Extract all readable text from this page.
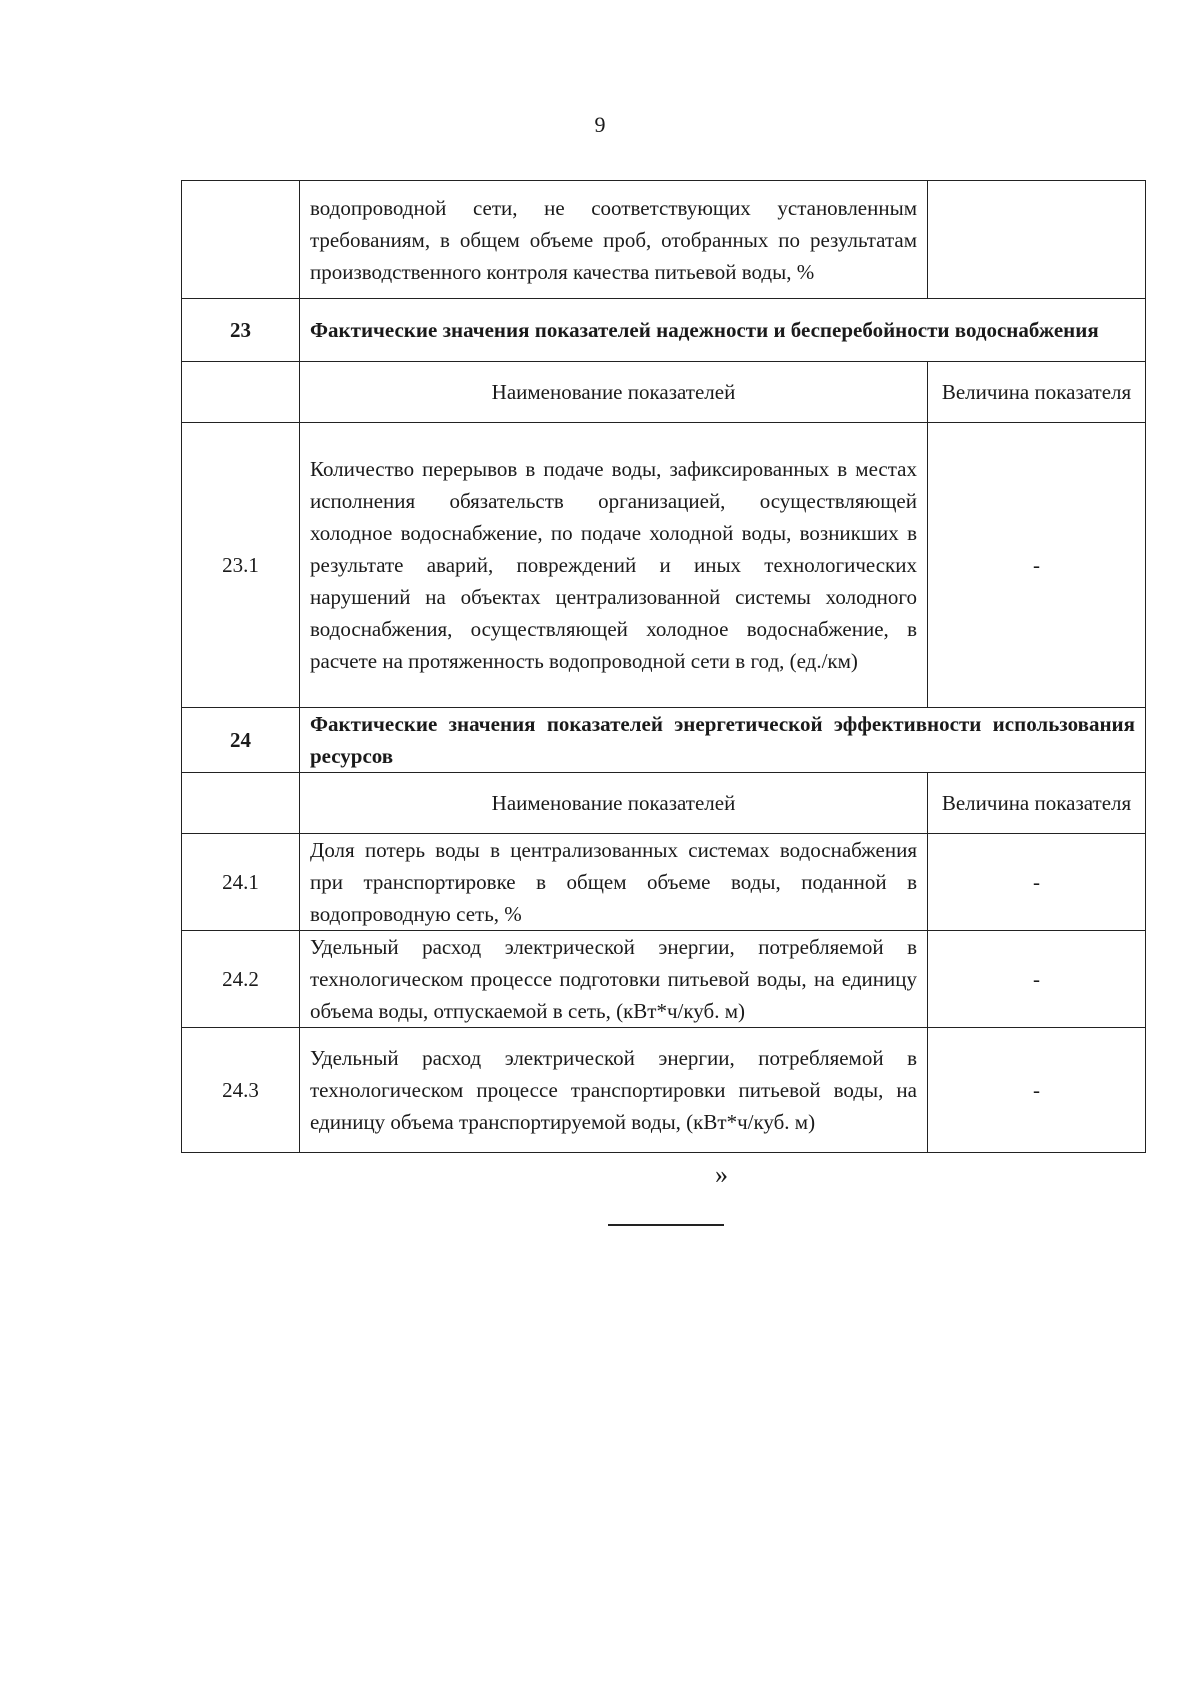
9
	водопроводной сети, не соответствующих установленным требованиям, в общем объеме проб, отобранных по результатам производственного контроля качества питьевой воды, %	
23	Фактические значения показателей надежности и бесперебойности водоснабжения	
	Наименование показателей	Величина показателя
23.1	Количество перерывов в подаче воды, зафиксированных в местах исполнения обязательств организацией, осуществляющей холодное водоснабжение, по подаче холодной воды, возникших в результате аварий, повреждений и иных технологических нарушений на объектах централизованной системы холодного водоснабжения, осуществляющей холодное водоснабжение, в расчете на протяженность водопроводной сети в год, (ед./км)	-
24	Фактические значения показателей энергетической эффективности использования ресурсов	
	Наименование показателей	Величина показателя
24.1	Доля потерь воды в централизованных системах водоснабжения при транспортировке в общем объеме воды, поданной в водопроводную сеть, %	-
24.2	Удельный расход электрической энергии, потребляемой в технологическом процессе подготовки питьевой воды, на единицу объема воды, отпускаемой в сеть, (кВт*ч/куб. м)	-
24.3	Удельный расход электрической энергии, потребляемой в технологическом процессе транспортировки питьевой воды, на единицу объема транспортируемой воды, (кВт*ч/куб. м)	-
»
